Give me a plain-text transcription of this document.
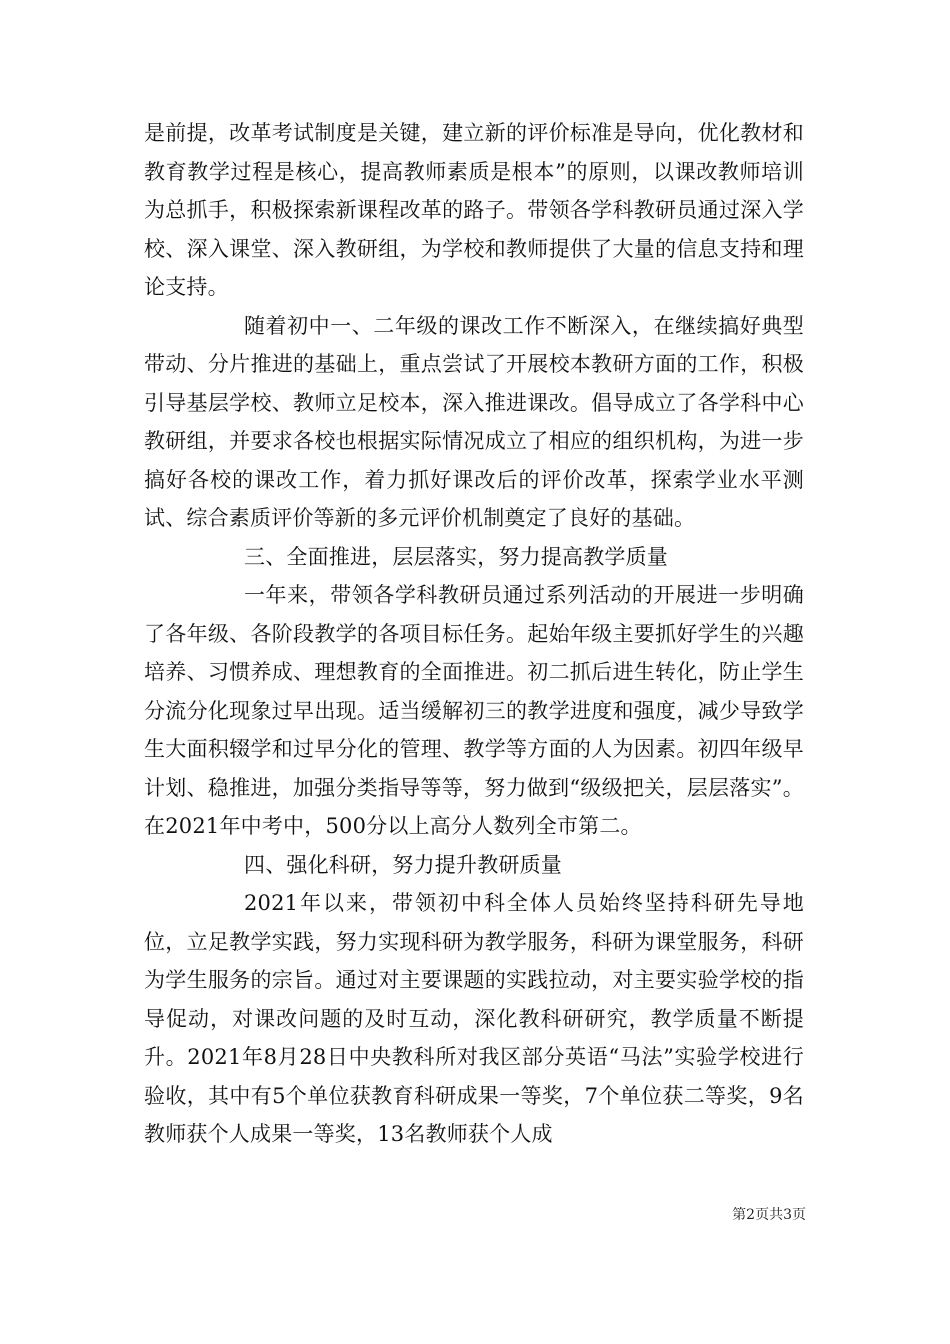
是前提，改革考试制度是关键，建立新的评价标准是导向，优化教材和教育教学过程是核心，提高教师素质是根本”的原则，以课改教师培训为总抓手，积极探索新课程改革的路子。带领各学科教研员通过深入学校、深入课堂、深入教研组，为学校和教师提供了大量的信息支持和理论支持。

随着初中一、二年级的课改工作不断深入，在继续搞好典型带动、分片推进的基础上，重点尝试了开展校本教研方面的工作，积极引导基层学校、教师立足校本，深入推进课改。倡导成立了各学科中心教研组，并要求各校也根据实际情况成立了相应的组织机构，为进一步搞好各校的课改工作，着力抓好课改后的评价改革，探索学业水平测试、综合素质评价等新的多元评价机制奠定了良好的基础。

三、全面推进，层层落实，努力提高教学质量

一年来，带领各学科教研员通过系列活动的开展进一步明确了各年级、各阶段教学的各项目标任务。起始年级主要抓好学生的兴趣培养、习惯养成、理想教育的全面推进。初二抓后进生转化，防止学生分流分化现象过早出现。适当缓解初三的教学进度和强度，减少导致学生大面积辍学和过早分化的管理、教学等方面的人为因素。初四年级早计划、稳推进，加强分类指导等等，努力做到“级级把关，层层落实”。在2021年中考中，500分以上高分人数列全市第二。

四、强化科研，努力提升教研质量

2021年以来，带领初中科全体人员始终坚持科研先导地位，立足教学实践，努力实现科研为教学服务，科研为课堂服务，科研为学生服务的宗旨。通过对主要课题的实践拉动，对主要实验学校的指导促动，对课改问题的及时互动，深化教科研研究，教学质量不断提升。2021年8月28日中央教科所对我区部分英语“马法”实验学校进行验收，其中有5个单位获教育科研成果一等奖，7个单位获二等奖，9名教师获个人成果一等奖，13名教师获个人成

第2页共3页
